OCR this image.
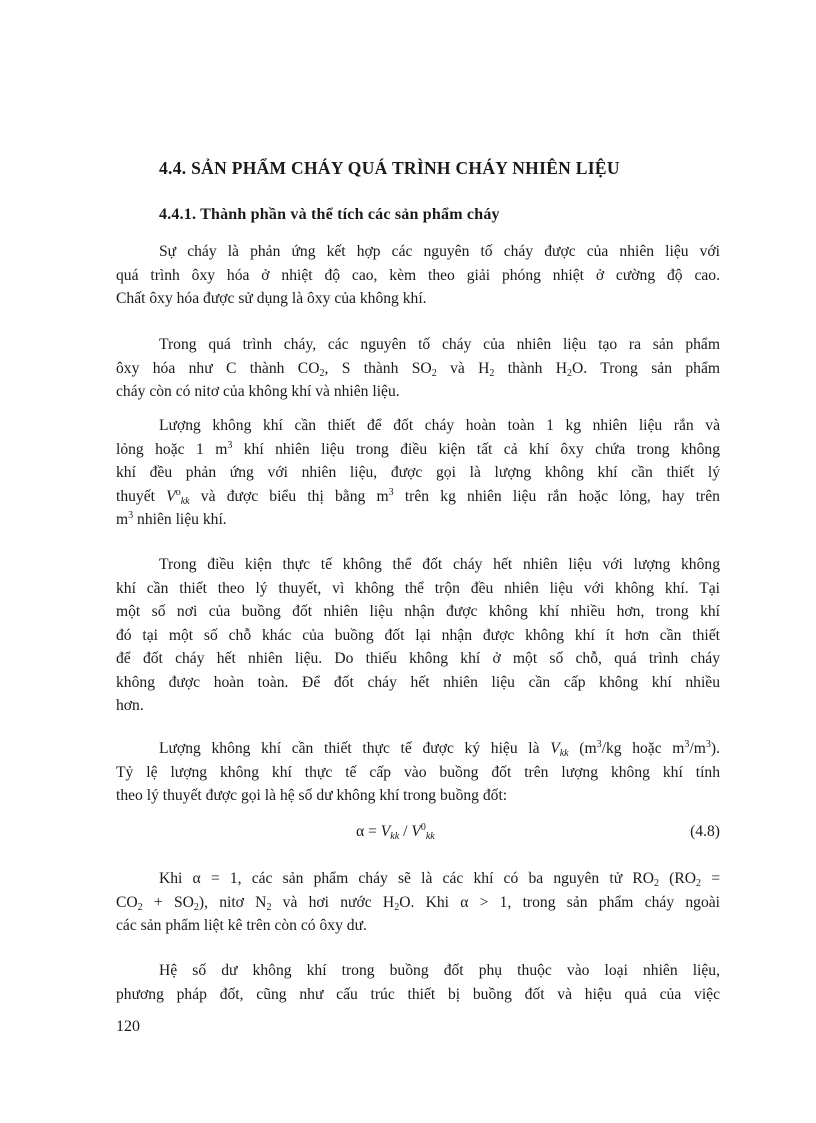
4.4. SẢN PHẨM CHÁY QUÁ TRÌNH CHÁY NHIÊN LIỆU
4.4.1. Thành phần và thể tích các sản phẩm cháy
Sự cháy là phản ứng kết hợp các nguyên tố cháy được của nhiên liệu với
quá trình ôxy hóa ở nhiệt độ cao, kèm theo giải phóng nhiệt ở cường độ cao.
Chất ôxy hóa được sử dụng là ôxy của không khí.
Trong quá trình cháy, các nguyên tố cháy của nhiên liệu tạo ra sản phẩm
ôxy hóa như C thành $CO_2$, S thành $SO_2$ và $H_2$ thành $H_2O$. Trong sản phẩm
cháy còn có nitơ của không khí và nhiên liệu.
Lượng không khí cần thiết để đốt cháy hoàn toàn 1 kg nhiên liệu rắn và
lỏng hoặc 1 $m^3$ khí nhiên liệu trong điều kiện tất cả khí ôxy chứa trong không
khí đều phản ứng với nhiên liệu, được gọi là lượng không khí cần thiết lý
thuyết $V^o_{kk}$ và được biểu thị bằng $m^3$ trên kg nhiên liệu rắn hoặc lỏng, hay trên
$m^3$ nhiên liệu khí.
Trong điều kiện thực tế không thể đốt cháy hết nhiên liệu với lượng không
khí cần thiết theo lý thuyết, vì không thể trộn đều nhiên liệu với không khí. Tại
một số nơi của buồng đốt nhiên liệu nhận được không khí nhiều hơn, trong khí
đó tại một số chỗ khác của buồng đốt lại nhận được không khí ít hơn cần thiết
để đốt cháy hết nhiên liệu. Do thiếu không khí ở một số chỗ, quá trình cháy
không được hoàn toàn. Để đốt cháy hết nhiên liệu cần cấp không khí nhiều
hơn.
Lượng không khí cần thiết thực tế được ký hiệu là $V_{kk}$ ($m^3/kg$ hoặc $m^3/m^3$).
Tỷ lệ lượng không khí thực tế cấp vào buồng đốt trên lượng không khí tính
theo lý thuyết được gọi là hệ số dư không khí trong buồng đốt:
$\alpha = V_{kk} / V^0_{kk}$	(4.8)
Khi α = 1, các sản phẩm cháy sẽ là các khí có ba nguyên tử $RO_2$ ($RO_2$ =
$CO_2 + SO_2$), nitơ $N_2$ và hơi nước $H_2O$. Khi α > 1, trong sản phẩm cháy ngoài
các sản phẩm liệt kê trên còn có ôxy dư.
Hệ số dư không khí trong buồng đốt phụ thuộc vào loại nhiên liệu,
phương pháp đốt, cũng như cấu trúc thiết bị buồng đốt và hiệu quả của việc
120
